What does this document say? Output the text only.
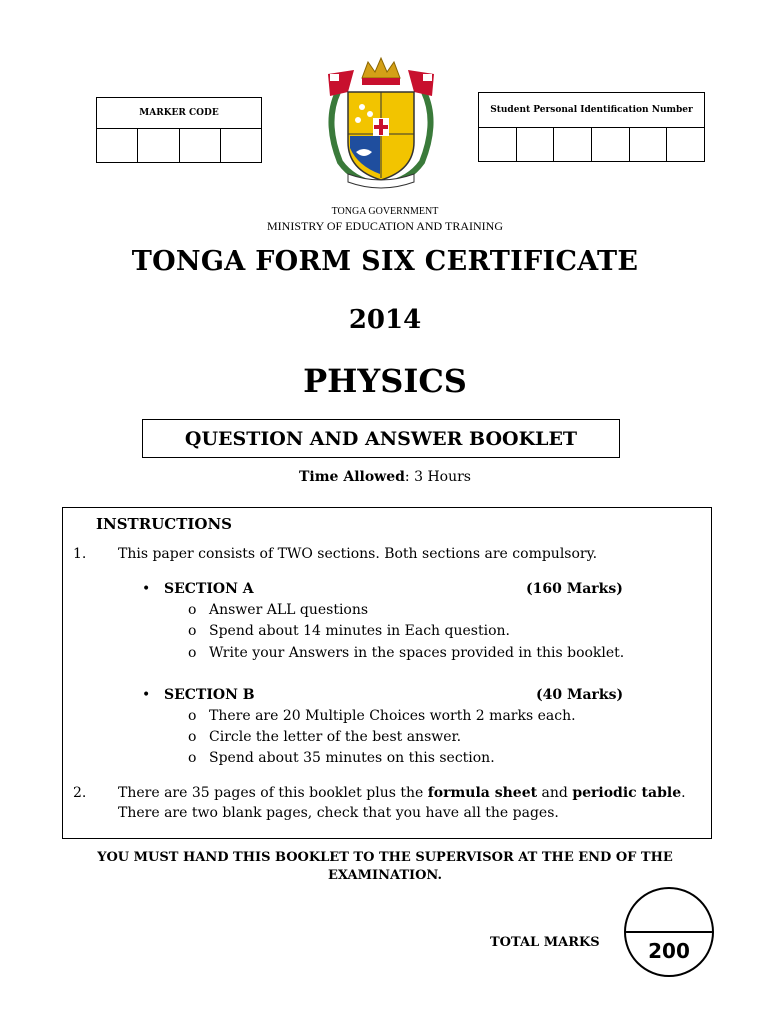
MARKER CODE	Student Personal Identification Number
TONGA GOVERNMENT
MINISTRY OF EDUCATION AND TRAINING
TONGA FORM SIX CERTIFICATE
2014
PHYSICS
QUESTION AND ANSWER BOOKLET
Time Allowed: 3 Hours
INSTRUCTIONS
1. This paper consists of TWO sections. Both sections are compulsory.
• SECTION A	(160 Marks)
o Answer ALL questions
o Spend about 14 minutes in Each question.
o Write your Answers in the spaces provided in this booklet.
• SECTION B	(40 Marks)
o There are 20 Multiple Choices worth 2 marks each.
o Circle the letter of the best answer.
o Spend about 35 minutes on this section.
2. There are 35 pages of this booklet plus the formula sheet and periodic table.
There are two blank pages, check that you have all the pages.
YOU MUST HAND THIS BOOKLET TO THE SUPERVISOR AT THE END OF THE
EXAMINATION.
TOTAL MARKS	200
